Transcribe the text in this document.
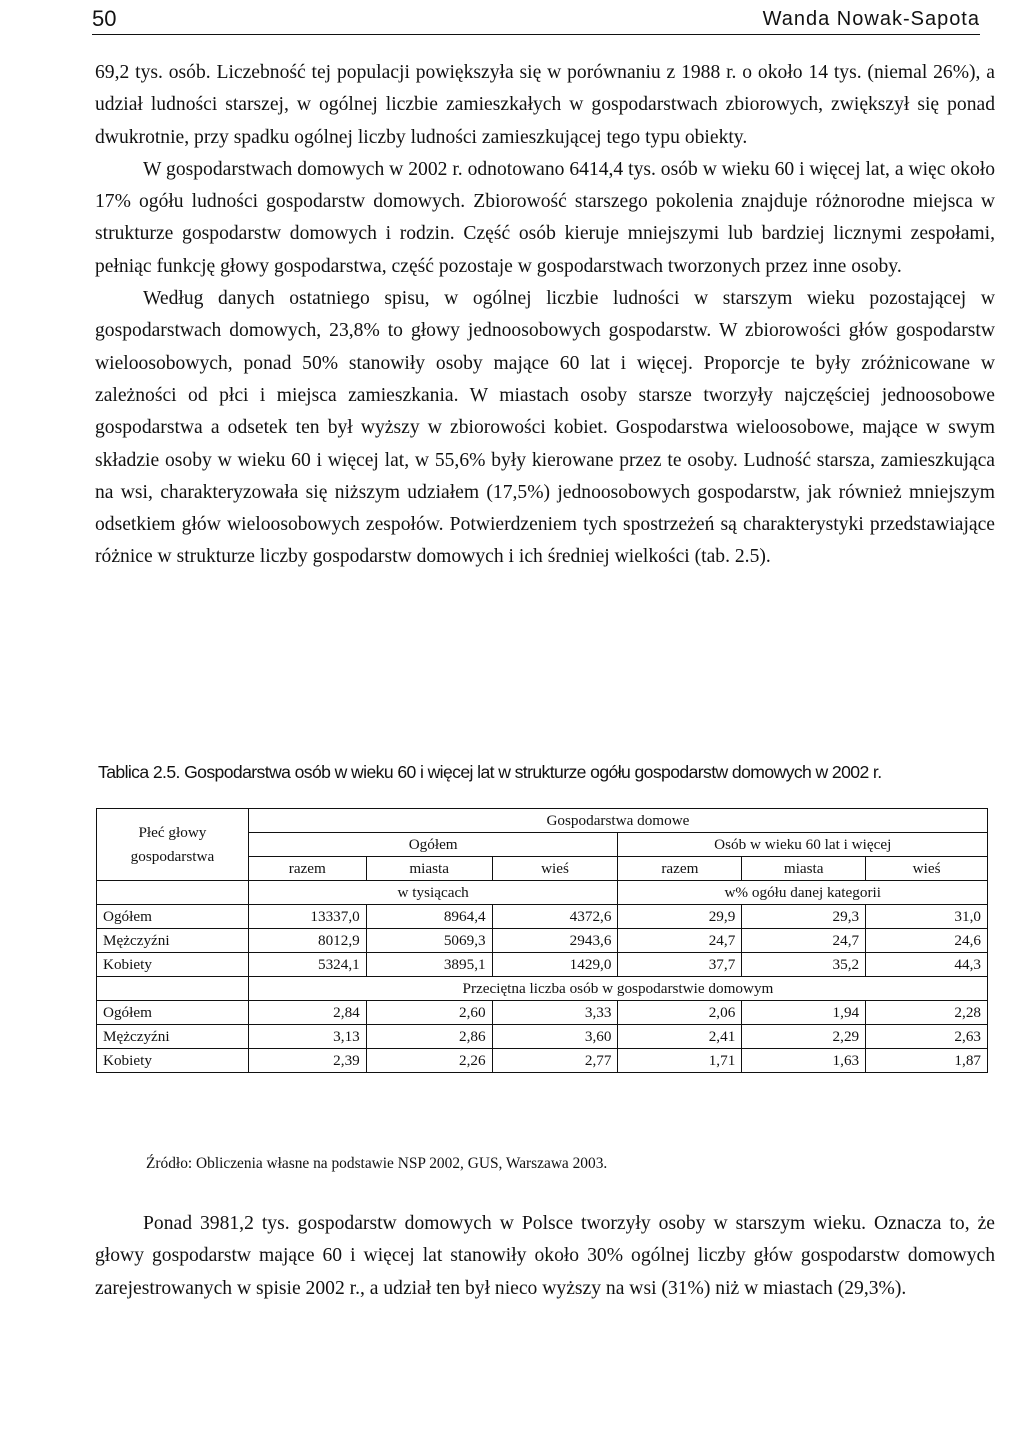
50	Wanda Nowak-Sapota

69,2 tys. osób. Liczebność tej populacji powiększyła się w porównaniu z 1988 r. o około 14 tys. (niemal 26%), a udział ludności starszej, w ogólnej liczbie zamieszkałych w gospodarstwach zbiorowych, zwiększył się ponad dwukrotnie, przy spadku ogólnej liczby ludności zamieszkującej tego typu obiekty.

W gospodarstwach domowych w 2002 r. odnotowano 6414,4 tys. osób w wieku 60 i więcej lat, a więc około 17% ogółu ludności gospodarstw domowych. Zbiorowość starszego pokolenia znajduje różnorodne miejsca w strukturze gospodarstw domowych i rodzin. Część osób kieruje mniejszymi lub bardziej licznymi zespołami, pełniąc funkcję głowy gospodarstwa, część pozostaje w gospodarstwach tworzonych przez inne osoby.

Według danych ostatniego spisu, w ogólnej liczbie ludności w starszym wieku pozostającej w gospodarstwach domowych, 23,8% to głowy jednoosobowych gospodarstw. W zbiorowości głów gospodarstw wieloosobowych, ponad 50% stanowiły osoby mające 60 lat i więcej. Proporcje te były zróżnicowane w zależności od płci i miejsca zamieszkania. W miastach osoby starsze tworzyły najczęściej jednoosobowe gospodarstwa a odsetek ten był wyższy w zbiorowości kobiet. Gospodarstwa wieloosobowe, mające w swym składzie osoby w wieku 60 i więcej lat, w 55,6% były kierowane przez te osoby. Ludność starsza, zamieszkująca na wsi, charakteryzowała się niższym udziałem (17,5%) jednoosobowych gospodarstw, jak również mniejszym odsetkiem głów wieloosobowych zespołów. Potwierdzeniem tych spostrzeżeń są charakterystyki przedstawiające różnice w strukturze liczby gospodarstw domowych i ich średniej wielkości (tab. 2.5).

Tablica 2.5. Gospodarstwa osób w wieku 60 i więcej lat w strukturze ogółu gospodarstw domowych w 2002 r.
Płeć głowy gospodarstwa	Gospodarstwa domowe					
	Ogółem			Osób w wieku 60 lat i więcej		
	razem	miasta	wieś	razem	miasta	wieś
	w tysiącach			w% ogółu danej kategorii		
Ogółem	13337,0	8964,4	4372,6	29,9	29,3	31,0
Mężczyźni	8012,9	5069,3	2943,6	24,7	24,7	24,6
Kobiety	5324,1	3895,1	1429,0	37,7	35,2	44,3
	Przeciętna liczba osób w gospodarstwie domowym					
Ogółem	2,84	2,60	3,33	2,06	1,94	2,28
Mężczyźni	3,13	2,86	3,60	2,41	2,29	2,63
Kobiety	2,39	2,26	2,77	1,71	1,63	1,87
Źródło: Obliczenia własne na podstawie NSP 2002, GUS, Warszawa 2003.

Ponad 3981,2 tys. gospodarstw domowych w Polsce tworzyły osoby w starszym wieku. Oznacza to, że głowy gospodarstw mające 60 i więcej lat stanowiły około 30% ogólnej liczby głów gospodarstw domowych zarejestrowanych w spisie 2002 r., a udział ten był nieco wyższy na wsi (31%) niż w miastach (29,3%).
